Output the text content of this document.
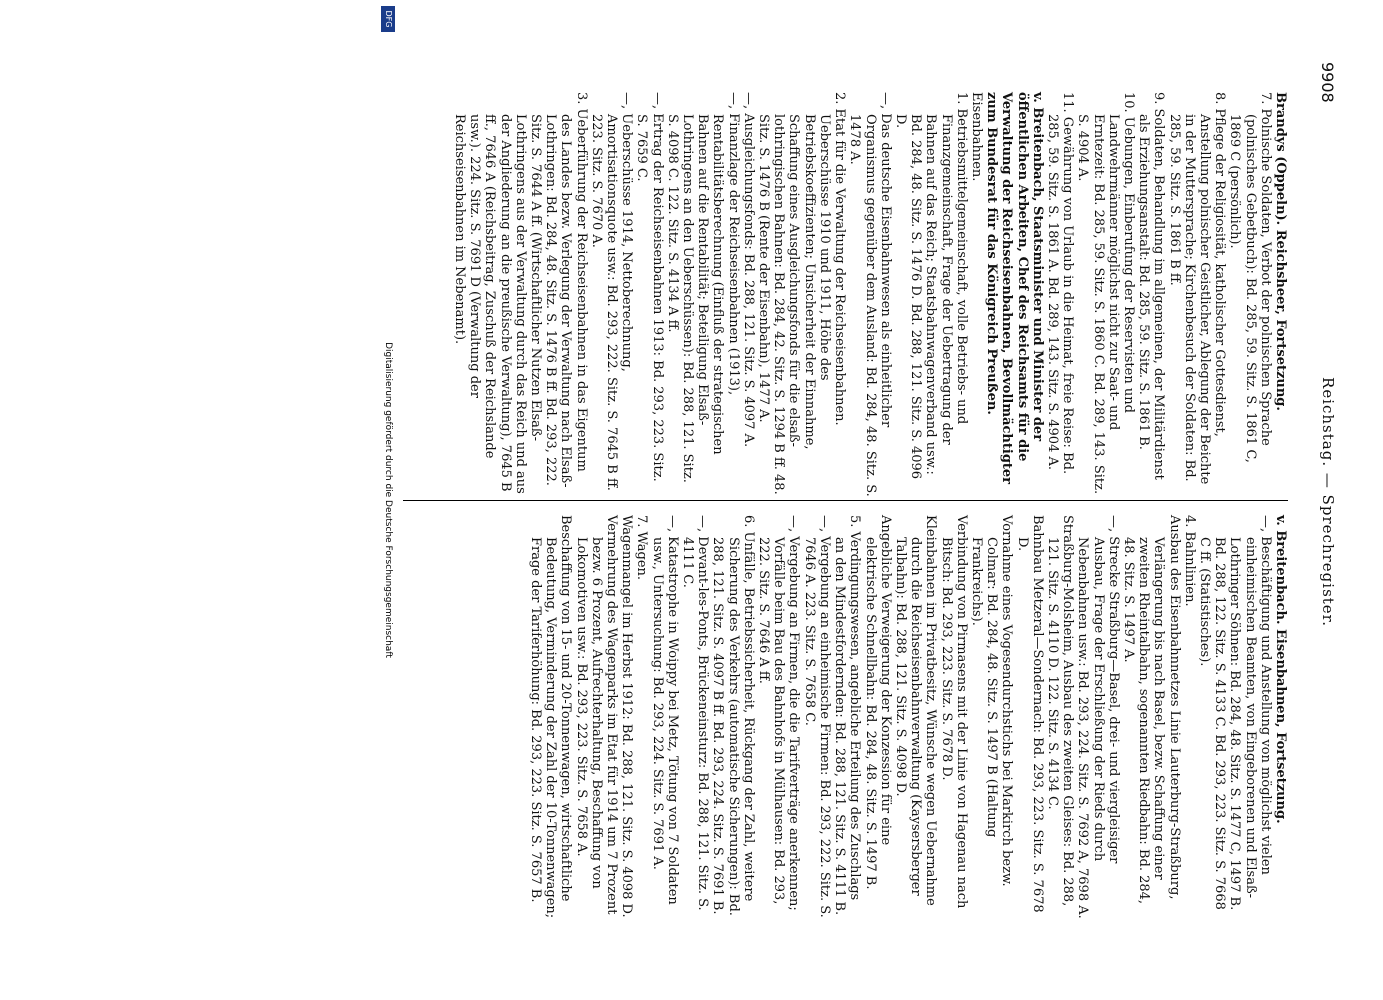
9908
Reichstag. — Sprechregister.

Brandys (Oppeln). Reichsheer, Fortsetzung.

7. Polnische Soldaten, Verbot der polnischen Sprache (polnisches Gebetbuch): Bd. 285, 59. Sitz. S. 1861 C, 1869 C (persönlich).

8. Pflege der Religiosität, katholischer Gottesdienst, Anstellung polnischer Geistlicher, Ablegung der Beichte in der Muttersprache; Kirchenbesuch der Soldaten: Bd. 285, 59. Sitz. S. 1861 B ff.

9. Soldaten, Behandlung im allgemeinen, der Militärdienst als Erziehungsanstalt: Bd. 285, 59. Sitz. S. 1861 B.

10. Uebungen, Einberufung der Reservisten und Landwehrmänner möglichst nicht zur Saat- und Erntezeit: Bd. 285, 59. Sitz. S. 1860 C. Bd. 289, 143. Sitz. S. 4904 A.

11. Gewährung von Urlaub in die Heimat, freie Reise: Bd. 285, 59. Sitz. S. 1861 A. Bd. 289, 143. Sitz. S. 4904 A.

v. Breitenbach, Staatsminister und Minister der öffentlichen Arbeiten, Chef des Reichsamts für die Verwaltung der Reichseisenbahnen, Bevollmächtigter zum Bundesrat für das Königreich Preußen.

Eisenbahnen.

1. Betriebsmittelgemeinschaft, volle Betriebs- und Finanzgemeinschaft, Frage der Uebertragung der Bahnen auf das Reich; Staatsbahnwagenverband usw.: Bd. 284, 48. Sitz. S. 1476 D. Bd. 288, 121. Sitz. S. 4096 D.

—, Das deutsche Eisenbahnwesen als einheitlicher Organismus gegenüber dem Ausland: Bd. 284, 48. Sitz. S. 1478 A.

2. Etat für die Verwaltung der Reichseisenbahnen. Ueberschüsse 1910 und 1911, Höhe des Betriebskoeffizienten; Unsicherheit der Einnahme, Schaffung eines Ausgleichungsfonds für die elsaß-lothringischen Bahnen: Bd. 284, 42. Sitz. S. 1294 B ff. 48. Sitz. S. 1476 B (Rente der Eisenbahn), 1477 A.

—, Ausgleichungsfonds: Bd. 288, 121. Sitz. S. 4097 A.

—, Finanzlage der Reichseisenbahnen (1913), Rentabilitätsberechnung (Einfluß der strategischen Bahnen auf die Rentabilität; Beteiligung Elsaß-Lothringens an den Ueberschüssen): Bd. 288, 121. Sitz. S. 4098 C. 122. Sitz. S. 4134 A ff.

—, Ertrag der Reichseisenbahnen 1913: Bd. 293, 223. Sitz. S. 7659 C.

—, Ueberschüsse 1914, Nettoberechnung, Amortisationsquote usw.: Bd. 293, 222. Sitz. S. 7645 B ff. 223. Sitz. S. 7670 A.

3. Ueberführung der Reichseisenbahnen in das Eigentum des Landes bezw. Verlegung der Verwaltung nach Elsaß-Lothringen: Bd. 284, 48. Sitz. S. 1476 B ff. Bd. 293, 222. Sitz. S. 7644 A ff. (Wirtschaftlicher Nutzen Elsaß-Lothringens aus der Verwaltung durch das Reich und aus der Angliederung an die preußische Verwaltung), 7645 B ff., 7646 A (Reichsbeitrag, Zuschuß der Reichslande usw.). 224. Sitz. S. 7691 D (Verwaltung der Reichseisenbahnen im Nebenamt).

v. Breitenbach. Eisenbahnen, Fortsetzung.

—, Beschäftigung und Anstellung von möglichst vielen einheimischen Beamten, von Eingeborenen und Elsaß-Lothringer Söhnen: Bd. 284, 48. Sitz. S. 1477 C, 1497 B. Bd. 288, 122. Sitz. S. 4133 C. Bd. 293, 223. Sitz. S. 7668 C ff. (Statistisches).

4. Bahnlinien.

Ausbau des Eisenbahnnetzes Linie Lauterburg-Straßburg, Verlängerung bis nach Basel, bezw. Schaffung einer zweiten Rheintalbahn, sogenannten Riedbahn: Bd. 284, 48. Sitz. S. 1497 A.

—, Strecke Straßburg—Basel, drei- und viergleisiger Ausbau, Frage der Erschließung der Rieds durch Nebenbahnen usw.: Bd. 293, 224. Sitz. S. 7692 A, 7698 A.

Straßburg-Molsheim, Ausbau des zweiten Gleises: Bd. 288, 121. Sitz. S. 4110 D. 122. Sitz. S. 4134 C.

Bahnbau Metzeral—Sondernach: Bd. 293, 223. Sitz. S. 7678 D.

Vornahme eines Vogesendurchstichs bei Markirch bezw. Colmar: Bd. 284, 48. Sitz. S. 1497 B (Haltung Frankreichs).

Verbindung von Pirmasens mit der Linie von Hagenau nach Bitsch: Bd. 293, 223. Sitz. S. 7678 D.

Kleinbahnen im Privatbesitz, Wünsche wegen Uebernahme durch die Reichseisenbahnverwaltung (Kaysersberger Talbahn): Bd. 288, 121. Sitz. S. 4098 D.

Angebliche Verweigerung der Konzession für eine elektrische Schnellbahn: Bd. 284, 48. Sitz. S. 1497 B.

5. Verdingungswesen, angebliche Erteilung des Zuschlags an den Mindestfordernden: Bd. 288, 121. Sitz. S. 4111 B.

—, Vergebung an einheimische Firmen: Bd. 293, 222. Sitz. S. 7646 A. 223. Sitz. S. 7658 C.

—, Vergebung an Firmen, die die Tarifverträge anerkennen; Vorfälle beim Bau des Bahnhofs in Mülhausen: Bd. 293, 222. Sitz. S. 7646 A ff.

6. Unfälle, Betriebssicherheit, Rückgang der Zahl, weitere Sicherung des Verkehrs (automatische Sicherungen): Bd. 288, 121. Sitz. S. 4097 B ff. Bd. 293, 224. Sitz. S. 7691 B.

—, Devant-les-Ponts, Brückeneinsturz: Bd. 288, 121. Sitz. S. 4111 C.

—, Katastrophe in Woippy bei Metz, Tötung von 7 Soldaten usw., Untersuchung: Bd. 293, 224. Sitz. S. 7691 A.

7. Wagen.

Wagenmangel im Herbst 1912: Bd. 288, 121. Sitz. S. 4098 D.

Vermehrung des Wagenparks im Etat für 1914 um 7 Prozent bezw. 6 Prozent, Aufrechterhaltung, Beschaffung von Lokomotiven usw.: Bd. 293, 223. Sitz. S. 7658 A.

Beschaffung von 15- und 20-Tonnenwagen, wirtschaftliche Bedeutung, Verminderung der Zahl der 10-Tonnenwagen; Frage der Tariferhöhung: Bd. 293, 223. Sitz. S. 7657 B.

DFG
Digitalisierung gefördert durch die Deutsche Forschungsgemeinschaft
